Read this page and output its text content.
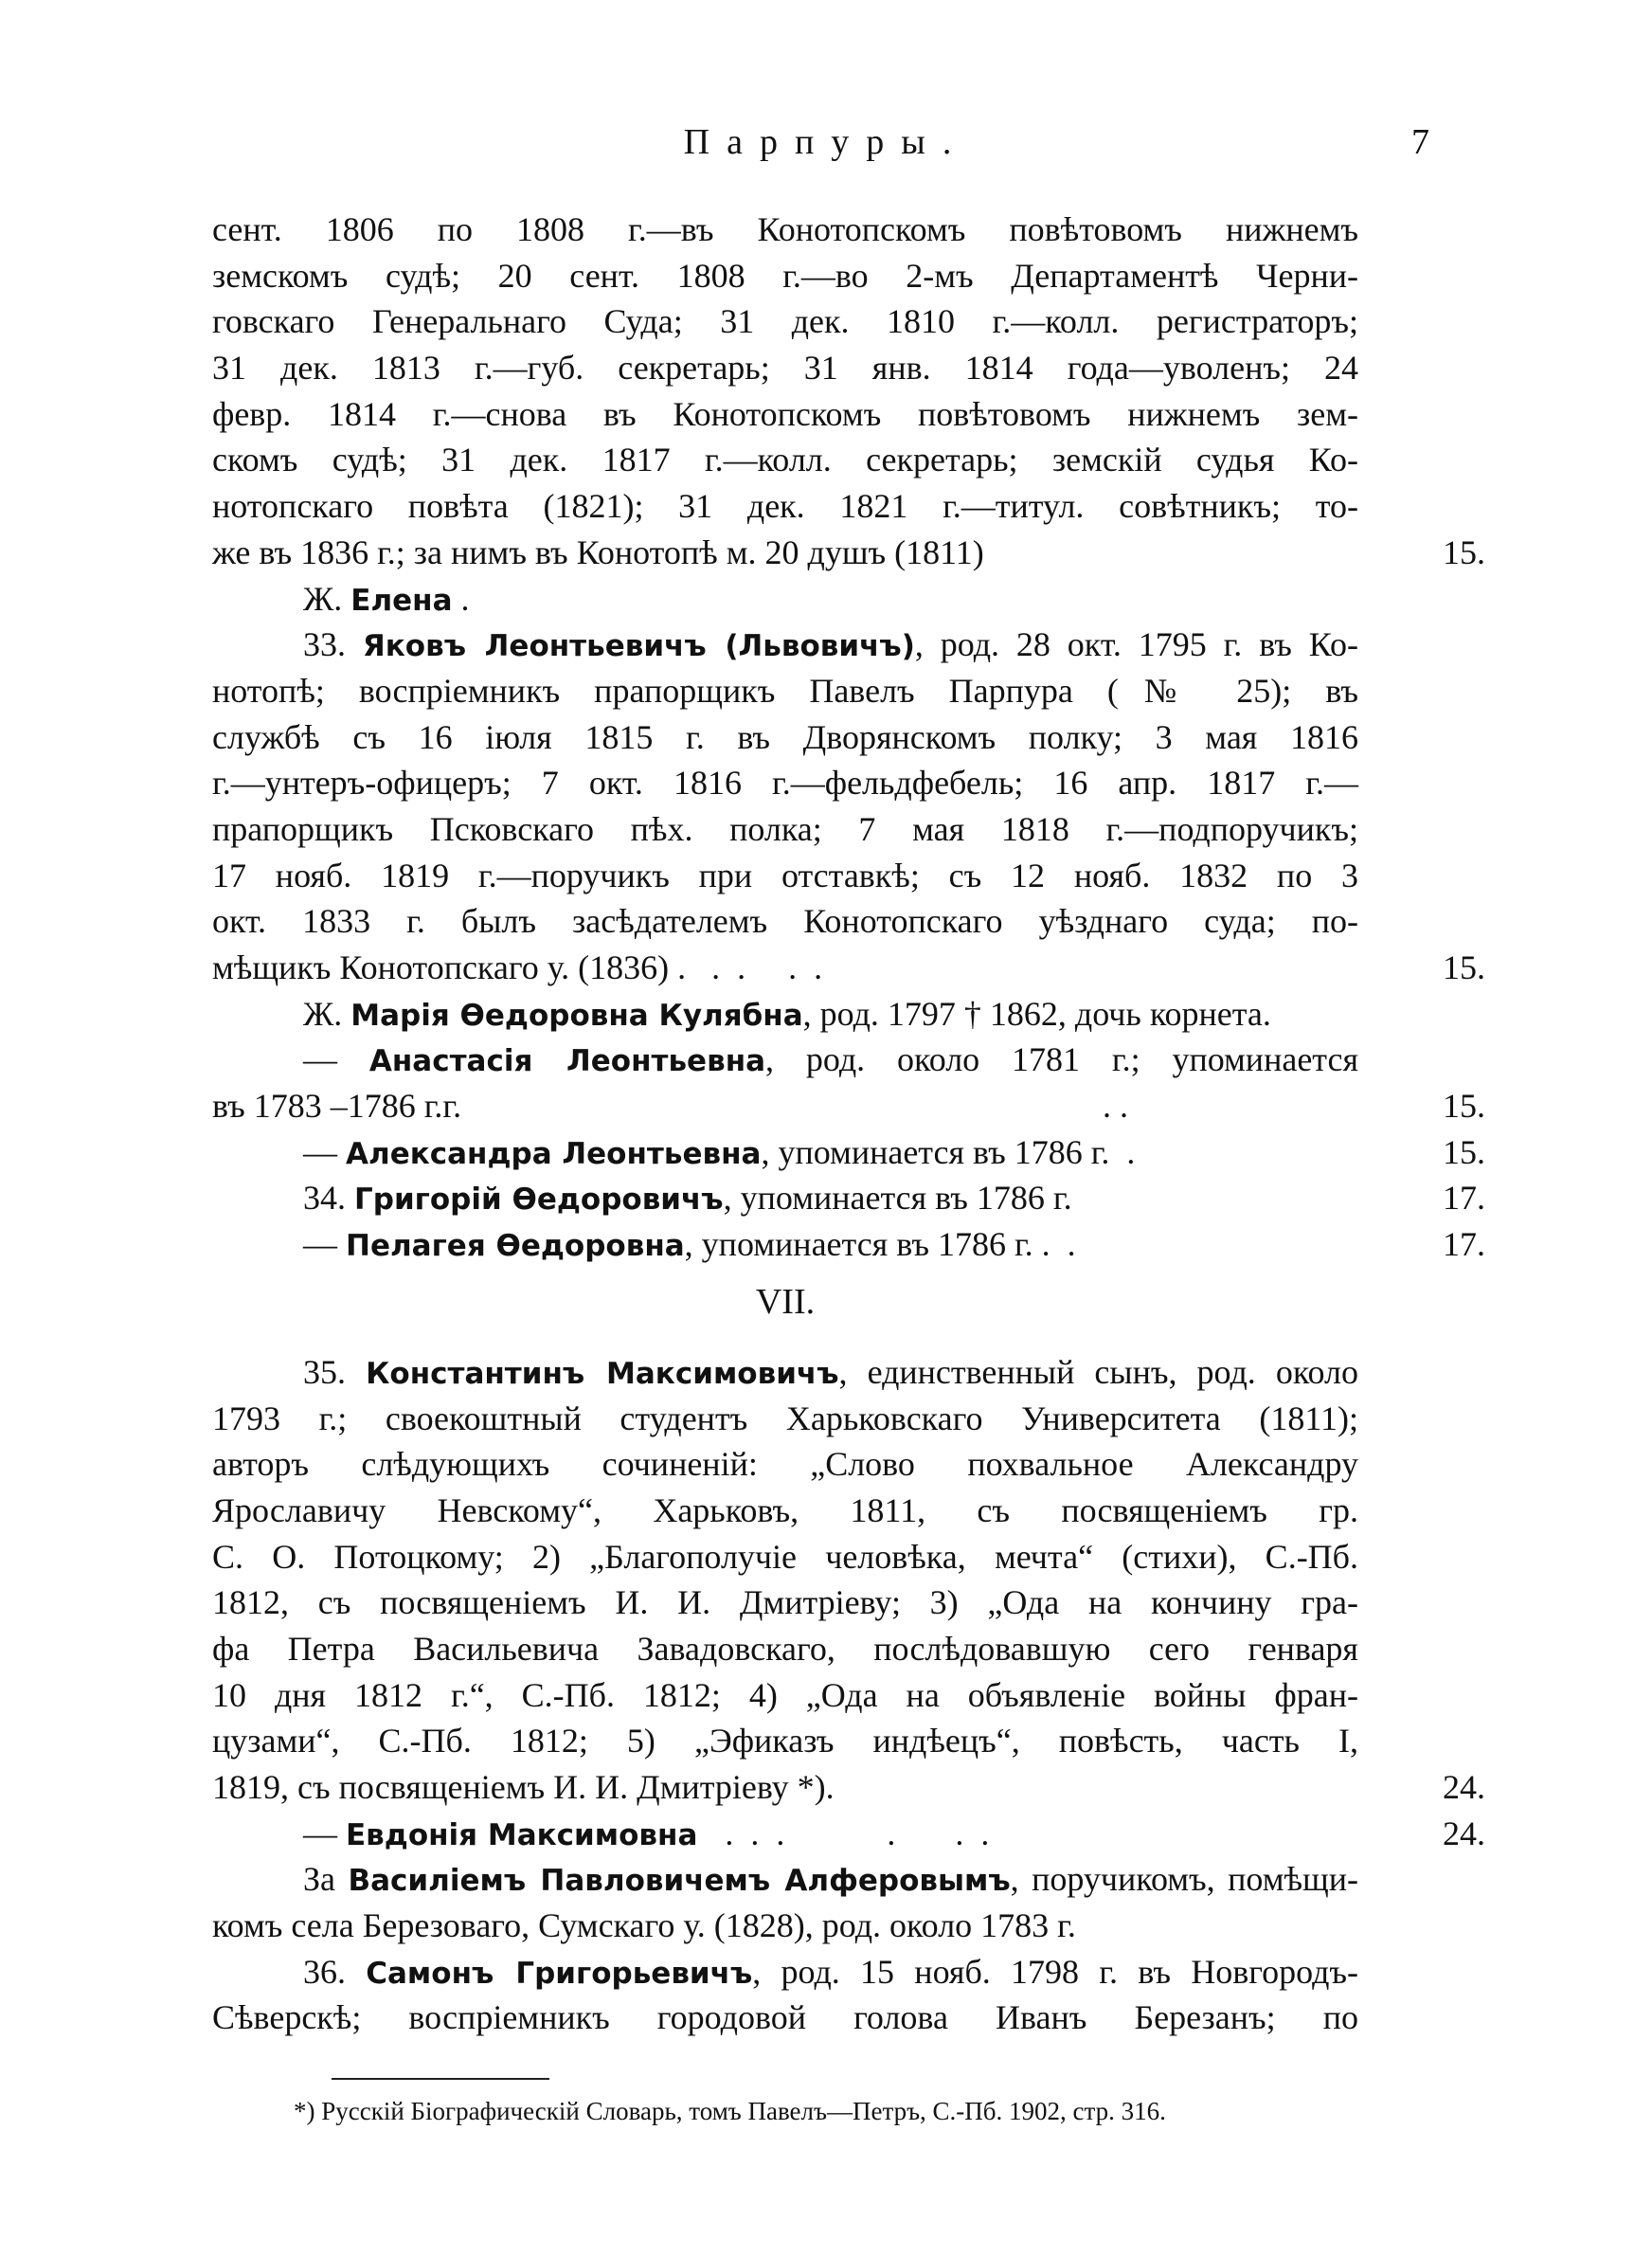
Парпуры.	7
сент. 1806 по 1808 г.—въ Конотопскомъ повѣтовомъ нижнемъ
земскомъ судѣ; 20 сент. 1808 г.—во 2-мъ Департаментѣ Черни-
говскаго Генеральнаго Суда; 31 дек. 1810 г.—колл. регистраторъ;
31 дек. 1813 г.—губ. секретарь; 31 янв. 1814 года—уволенъ; 24
февр. 1814 г.—снова въ Конотопскомъ повѣтовомъ нижнемъ зем-
скомъ судѣ; 31 дек. 1817 г.—колл. секретарь; земскій судья Ко-
нотопскаго повѣта (1821); 31 дек. 1821 г.—титул. совѣтникъ; то-
же въ 1836 г.; за нимъ въ Конотопѣ м. 20 душъ (1811)	15.
Ж. Елена .
33. Яковъ Леонтьевичъ (Львовичъ), род. 28 окт. 1795 г. въ Ко-
нотопѣ; воспріемникъ прапорщикъ Павелъ Парпура (№ 25); въ
службѣ съ 16 іюля 1815 г. въ Дворянскомъ полку; 3 мая 1816
г.—унтеръ-офицеръ; 7 окт. 1816 г.—фельдфебель; 16 апр. 1817 г.—
прапорщикъ Псковскаго пѣх. полка; 7 мая 1818 г.—подпоручикъ;
17 нояб. 1819 г.—поручикъ при отставкѣ; съ 12 нояб. 1832 по 3
окт. 1833 г. былъ засѣдателемъ Конотопскаго уѣзднаго суда; по-
мѣщикъ Конотопскаго у. (1836) .   .  .     .  .	15.
Ж. Марія Өедоровна Кулябна, род. 1797 † 1862, дочь корнета.
— Анастасія Леонтьевна, род. около 1781 г.; упоминается
въ 1783 –1786 г.г.	. .	15.
— Александра Леонтьевна, упоминается въ 1786 г.  .	15.
34. Григорій Өедоровичъ, упоминается въ 1786 г.	17.
— Пелагея Өедоровна, упоминается въ 1786 г. .  .	17.
VII.
35. Константинъ Максимовичъ, единственный сынъ, род. около
1793 г.; своекоштный студентъ Харьковскаго Университета (1811);
авторъ слѣдующихъ сочиненій: „Слово похвальное Александру
Ярославичу Невскому“, Харьковъ, 1811, съ посвященіемъ гр.
С. О. Потоцкому; 2) „Благополучіе человѣка, мечта“ (стихи), С.-Пб.
1812, съ посвященіемъ И. И. Дмитріеву; 3) „Ода на кончину гра-
фа Петра Васильевича Завадовскаго, послѣдовавшую сего генваря
10 дня 1812 г.“, С.-Пб. 1812; 4) „Ода на объявленіе войны фран-
цузами“, С.-Пб. 1812; 5) „Эфиказъ индѣецъ“, повѣсть, часть I,
1819, съ посвященіемъ И. И. Дмитріеву *).	24.
— Евдонія Максимовна .  .  .            .       .  .	24.
За Василіемъ Павловичемъ Алферовымъ, поручикомъ, помѣщи-
комъ села Березоваго, Сумскаго у. (1828), род. около 1783 г.
36. Самонъ Григорьевичъ, род. 15 нояб. 1798 г. въ Новгородъ-
Сѣверскѣ; воспріемникъ городовой голова Иванъ Березанъ; по
*) Русскій Біографическій Словарь, томъ Павелъ—Петръ, С.-Пб. 1902, стр. 316.
